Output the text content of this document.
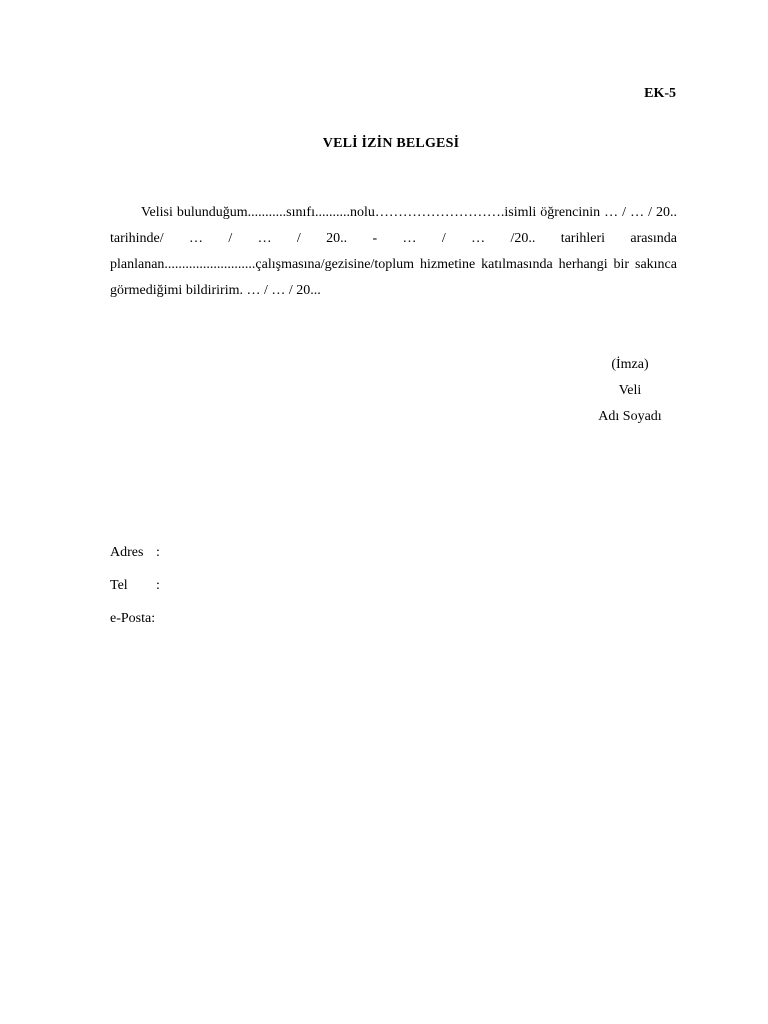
EK-5

VELİ İZİN BELGESİ

Velisi bulunduğum...........sınıfı..........nolu……………………….isimli öğrencinin … / … / 20.. tarihinde/ … / … / 20.. - … / … /20.. tarihleri arasında planlanan..........................çalışmasına/gezisine/toplum hizmetine katılmasında herhangi bir sakınca görmediğimi bildiririm. … / … / 20...

(İmza)
Veli
Adı Soyadı
Adres :
Tel	:
e-Posta:
